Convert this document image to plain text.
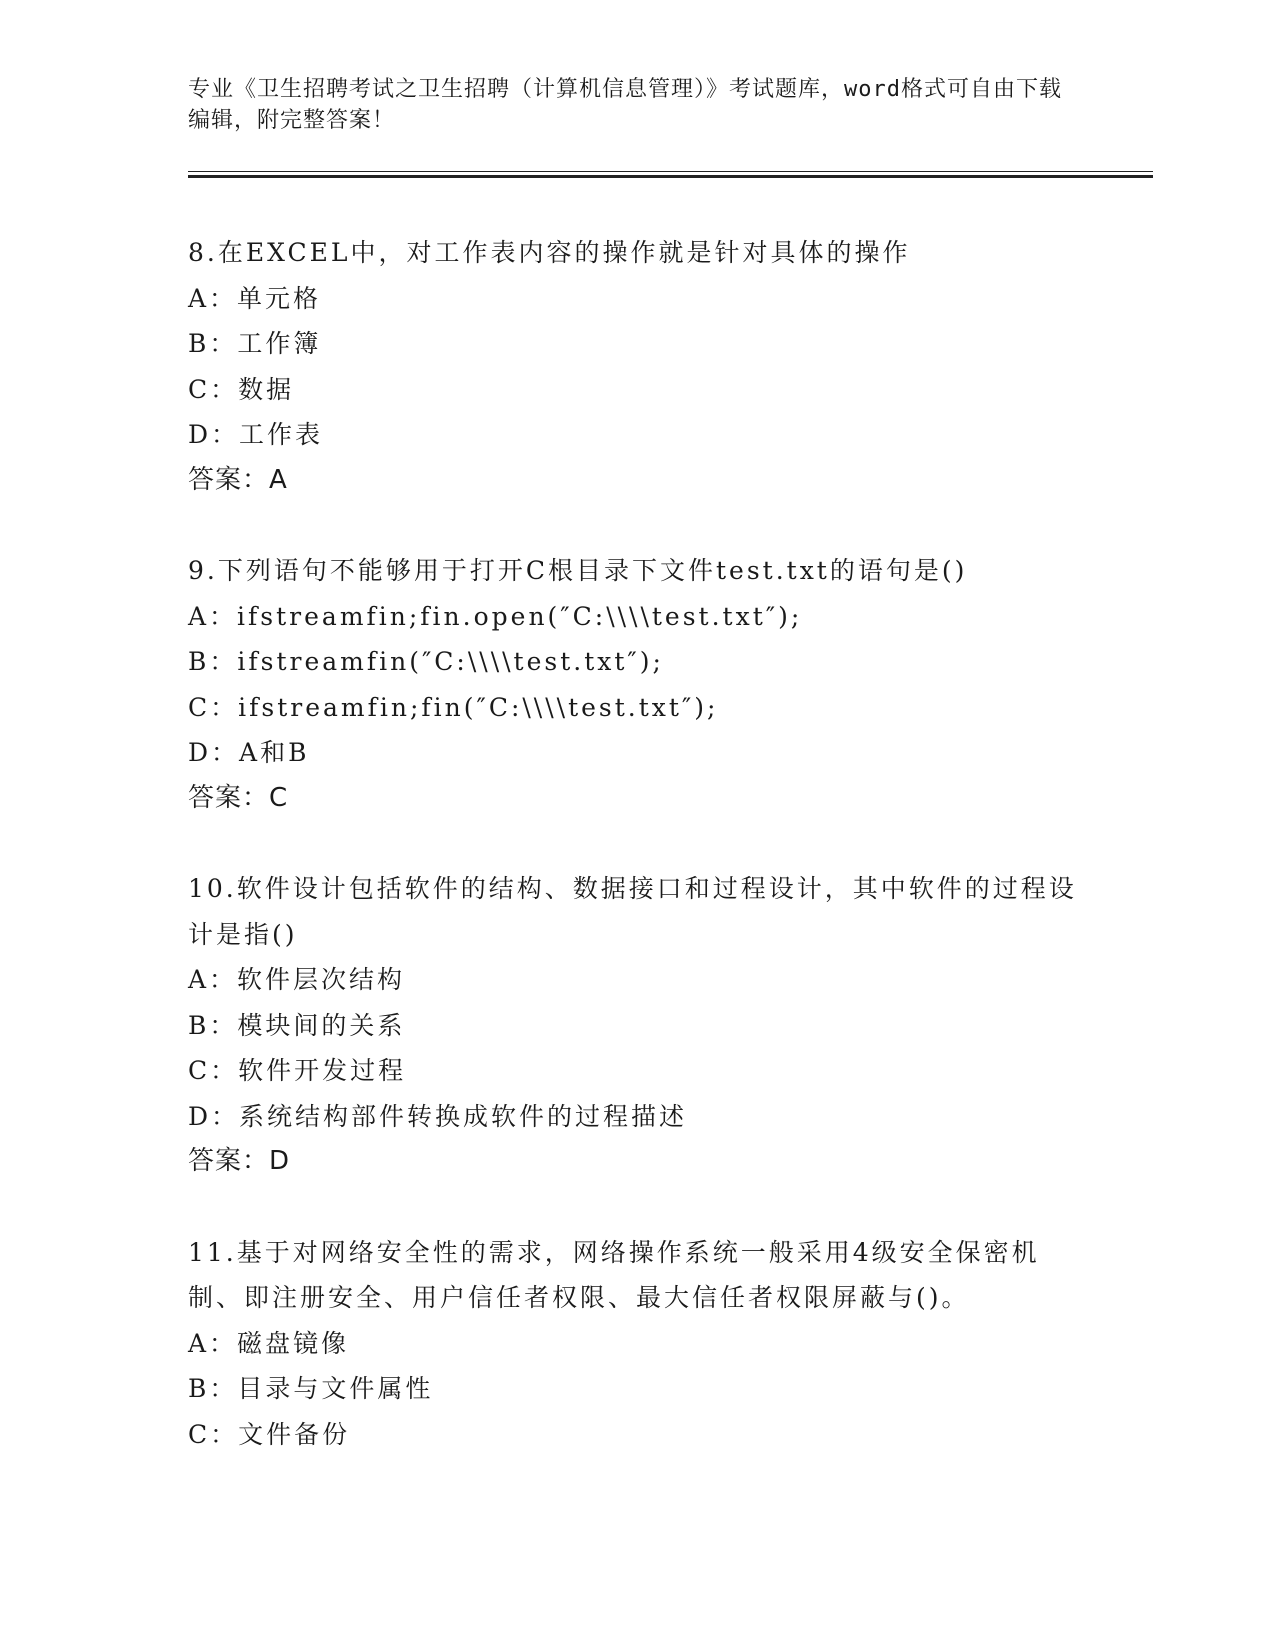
专业《卫生招聘考试之卫生招聘（计算机信息管理）》考试题库，word格式可自由下载编辑，附完整答案！
8.在EXCEL中，对工作表内容的操作就是针对具体的操作
A：单元格
B：工作簿
C：数据
D：工作表
答案：A
9.下列语句不能够用于打开C根目录下文件test.txt的语句是()
A：ifstreamfin;fin.open(″C:\\\\test.txt″);
B：ifstreamfin(″C:\\\\test.txt″);
C：ifstreamfin;fin(″C:\\\\test.txt″);
D：A和B
答案：C
10.软件设计包括软件的结构、数据接口和过程设计，其中软件的过程设计是指()
A：软件层次结构
B：模块间的关系
C：软件开发过程
D：系统结构部件转换成软件的过程描述
答案：D
11.基于对网络安全性的需求，网络操作系统一般采用4级安全保密机制、即注册安全、用户信任者权限、最大信任者权限屏蔽与()。
A：磁盘镜像
B：目录与文件属性
C：文件备份
